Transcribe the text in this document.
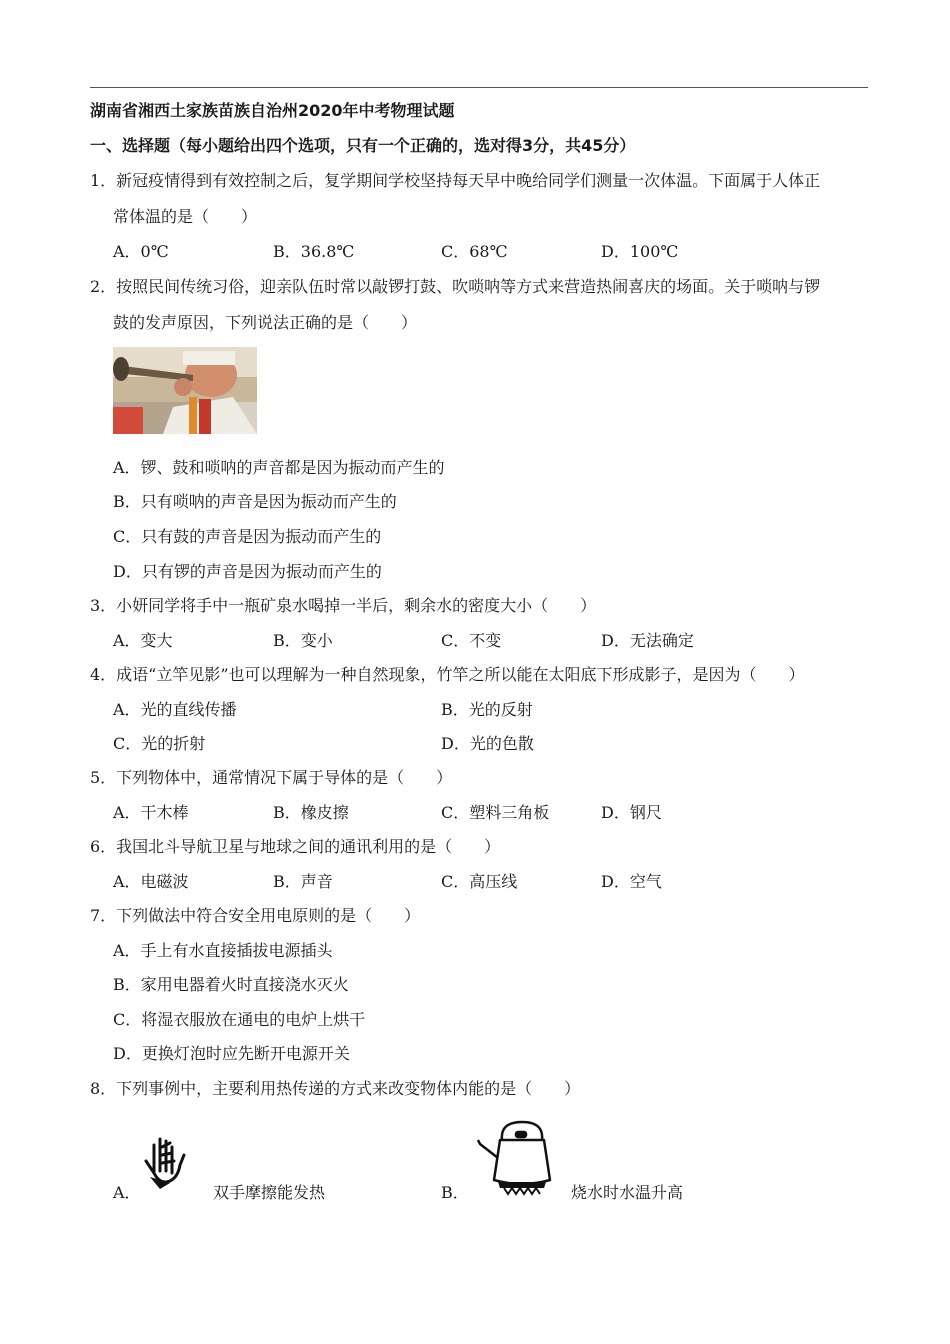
湖南省湘西土家族苗族自治州2020年中考物理试题
一、选择题（每小题给出四个选项，只有一个正确的，选对得3分，共45分）
1．新冠疫情得到有效控制之后，复学期间学校坚持每天早中晚给同学们测量一次体温。下面属于人体正
常体温的是（　　）
A．0℃	B．36.8℃	C．68℃	D．100℃
2．按照民间传统习俗，迎亲队伍时常以敲锣打鼓、吹唢呐等方式来营造热闹喜庆的场面。关于唢呐与锣
鼓的发声原因，下列说法正确的是（　　）
A．锣、鼓和唢呐的声音都是因为振动而产生的
B．只有唢呐的声音是因为振动而产生的
C．只有鼓的声音是因为振动而产生的
D．只有锣的声音是因为振动而产生的
3．小妍同学将手中一瓶矿泉水喝掉一半后，剩余水的密度大小（　　）
A．变大	B．变小	C．不变	D．无法确定
4．成语“立竿见影”也可以理解为一种自然现象，竹竿之所以能在太阳底下形成影子，是因为（　　）
A．光的直线传播	B．光的反射
C．光的折射	D．光的色散
5．下列物体中，通常情况下属于导体的是（　　）
A．干木棒	B．橡皮擦	C．塑料三角板	D．钢尺
6．我国北斗导航卫星与地球之间的通讯利用的是（　　）
A．电磁波	B．声音	C．高压线	D．空气
7．下列做法中符合安全用电原则的是（　　）
A．手上有水直接插拔电源插头
B．家用电器着火时直接浇水灭火
C．将湿衣服放在通电的电炉上烘干
D．更换灯泡时应先断开电源开关
8．下列事例中，主要利用热传递的方式来改变物体内能的是（　　）
A．	双手摩擦能发热	B．	烧水时水温升高
